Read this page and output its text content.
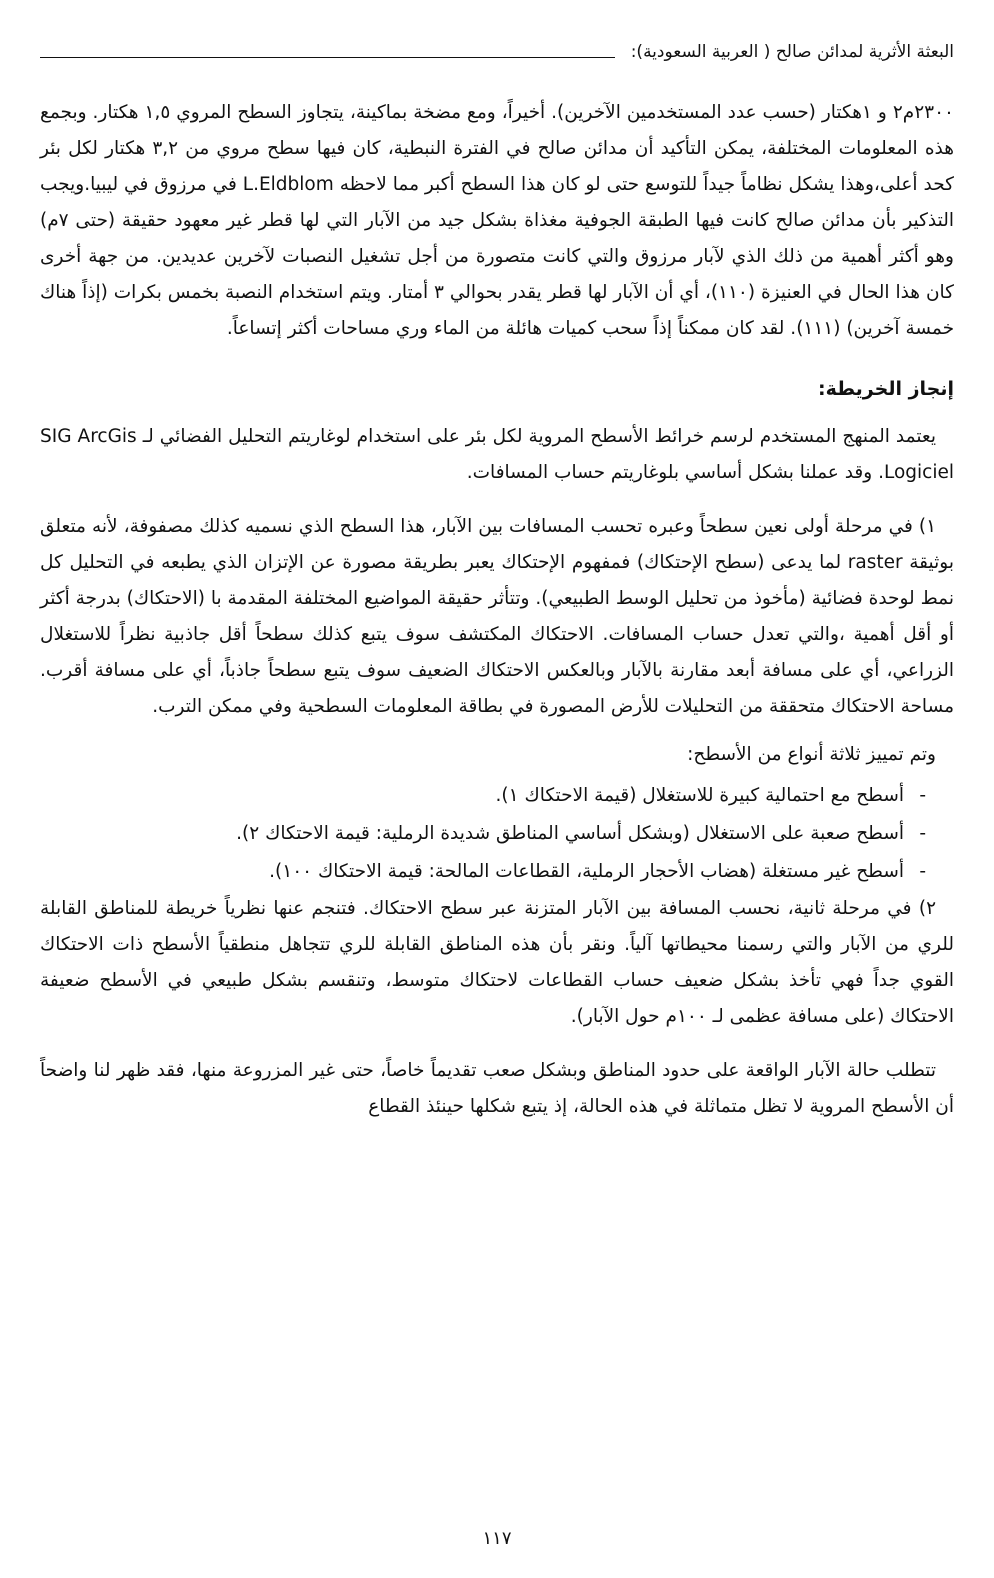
البعثة الأثرية لمدائن صالح ( العربية السعودية):

٢٣٠٠م٢ و ١هكتار (حسب عدد المستخدمين الآخرين). أخيراً، ومع مضخة بماكينة، يتجاوز السطح المروي ١,٥ هكتار. وبجمع هذه المعلومات المختلفة، يمكن التأكيد أن مدائن صالح في الفترة النبطية، كان فيها سطح مروي من ٣,٢ هكتار لكل بئر كحد أعلى،وهذا يشكل نظاماً جيداً للتوسع حتى لو كان هذا السطح أكبر مما لاحظه L.Eldblom في مرزوق في ليبيا.ويجب التذكير بأن مدائن صالح كانت فيها الطبقة الجوفية مغذاة بشكل جيد من الآبار التي لها قطر غير معهود حقيقة (حتى ٧م) وهو أكثر أهمية من ذلك الذي لآبار مرزوق والتي كانت متصورة من أجل تشغيل النصبات لآخرين عديدين. من جهة أخرى كان هذا الحال في العنيزة (١١٠)، أي أن الآبار لها قطر يقدر بحوالي ٣ أمتار. ويتم استخدام النصبة بخمس بكرات (إذاً هناك خمسة آخرين) (١١١). لقد كان ممكناً إذاً سحب كميات هائلة من الماء وري مساحات أكثر إتساعاً.

إنجاز الخريطة:

يعتمد المنهج المستخدم لرسم خرائط الأسطح المروية لكل بئر على استخدام لوغاريتم التحليل الفضائي لـ SIG ArcGis Logiciel. وقد عملنا بشكل أساسي بلوغاريتم حساب المسافات.

١) في مرحلة أولى نعين سطحاً وعبره تحسب المسافات بين الآبار، هذا السطح الذي نسميه كذلك مصفوفة، لأنه متعلق بوثيقة raster لما يدعى (سطح الإحتكاك) فمفهوم الإحتكاك يعبر بطريقة مصورة عن الإتزان الذي يطبعه في التحليل كل نمط لوحدة فضائية (مأخوذ من تحليل الوسط الطبيعي). وتتأثر حقيقة المواضيع المختلفة المقدمة با (الاحتكاك) بدرجة أكثر أو أقل أهمية ،والتي تعدل حساب المسافات. الاحتكاك المكتشف سوف يتبع كذلك سطحاً أقل جاذبية نظراً للاستغلال الزراعي، أي على مسافة أبعد مقارنة بالآبار وبالعكس الاحتكاك الضعيف سوف يتبع سطحاً جاذباً، أي على مسافة أقرب. مساحة الاحتكاك متحققة من التحليلات للأرض المصورة في بطاقة المعلومات السطحية وفي ممكن الترب.

وتم تمييز ثلاثة أنواع من الأسطح:

-
أسطح مع احتمالية كبيرة للاستغلال (قيمة الاحتكاك ١).
-
أسطح صعبة على الاستغلال (وبشكل أساسي المناطق شديدة الرملية: قيمة الاحتكاك ٢).
-
أسطح غير مستغلة (هضاب الأحجار الرملية، القطاعات المالحة: قيمة الاحتكاك ١٠٠).

٢) في مرحلة ثانية، نحسب المسافة بين الآبار المتزنة عبر سطح الاحتكاك. فتنجم عنها نظرياً خريطة للمناطق القابلة للري من الآبار والتي رسمنا محيطاتها آلياً. ونقر بأن هذه المناطق القابلة للري تتجاهل منطقياً الأسطح ذات الاحتكاك القوي جداً فهي تأخذ بشكل ضعيف حساب القطاعات لاحتكاك متوسط، وتنقسم بشكل طبيعي في الأسطح ضعيفة الاحتكاك (على مسافة عظمى لـ ١٠٠م حول الآبار).

تتطلب حالة الآبار الواقعة على حدود المناطق وبشكل صعب تقديماً خاصاً، حتى غير المزروعة منها، فقد ظهر لنا واضحاً أن الأسطح المروية لا تظل متماثلة في هذه الحالة، إذ يتبع شكلها حينئذ القطاع

١١٧
